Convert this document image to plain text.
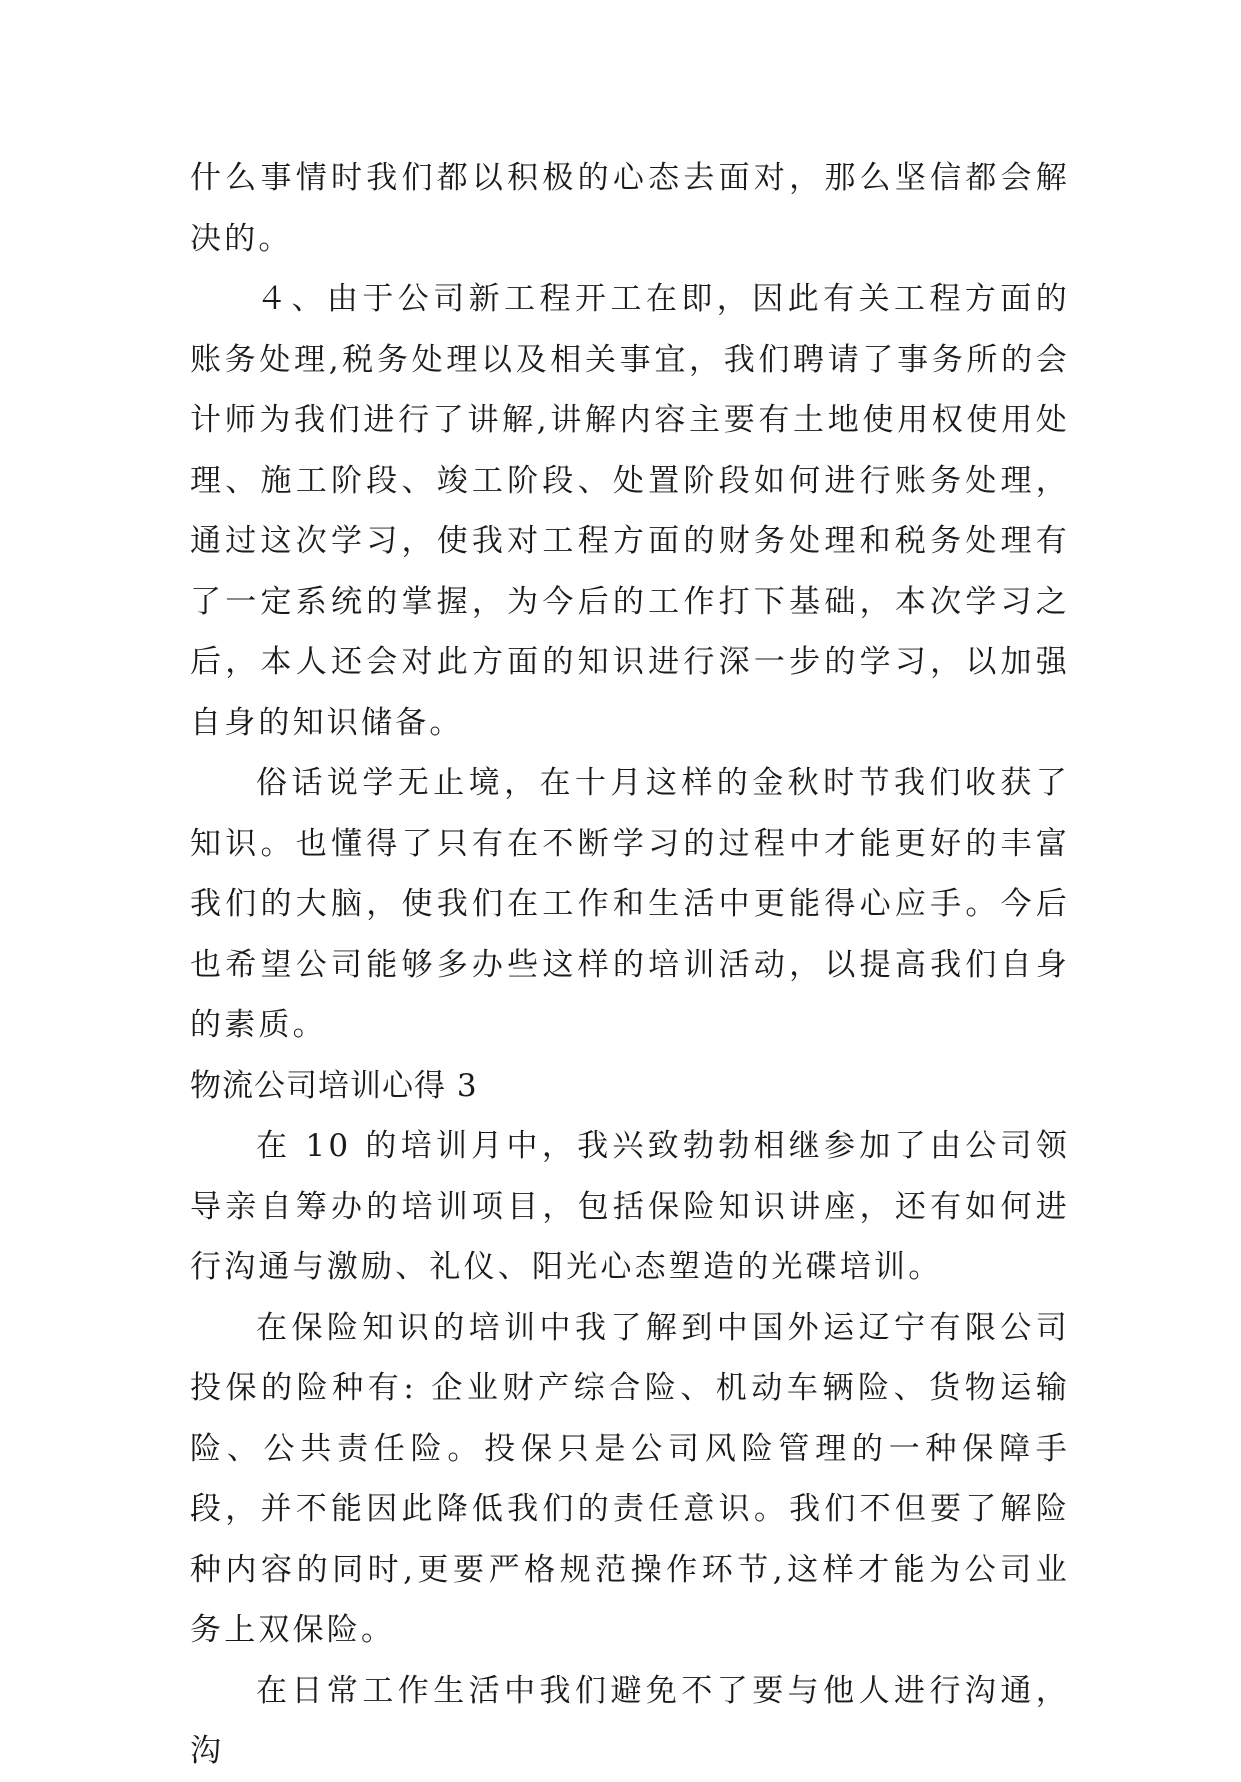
什么事情时我们都以积极的心态去面对，那么坚信都会解决的。

４、由于公司新工程开工在即，因此有关工程方面的账务处理,税务处理以及相关事宜，我们聘请了事务所的会计师为我们进行了讲解,讲解内容主要有土地使用权使用处理、施工阶段、竣工阶段、处置阶段如何进行账务处理，通过这次学习，使我对工程方面的财务处理和税务处理有了一定系统的掌握，为今后的工作打下基础，本次学习之后，本人还会对此方面的知识进行深一步的学习，以加强自身的知识储备。

俗话说学无止境，在十月这样的金秋时节我们收获了知识。也懂得了只有在不断学习的过程中才能更好的丰富我们的大脑，使我们在工作和生活中更能得心应手。今后也希望公司能够多办些这样的培训活动，以提高我们自身的素质。

物流公司培训心得 3

在 10 的培训月中，我兴致勃勃相继参加了由公司领导亲自筹办的培训项目，包括保险知识讲座，还有如何进行沟通与激励、礼仪、阳光心态塑造的光碟培训。

在保险知识的培训中我了解到中国外运辽宁有限公司投保的险种有: 企业财产综合险、机动车辆险、货物运输险、公共责任险。投保只是公司风险管理的一种保障手段，并不能因此降低我们的责任意识。我们不但要了解险种内容的同时,更要严格规范操作环节,这样才能为公司业务上双保险。

在日常工作生活中我们避免不了要与他人进行沟通，沟
